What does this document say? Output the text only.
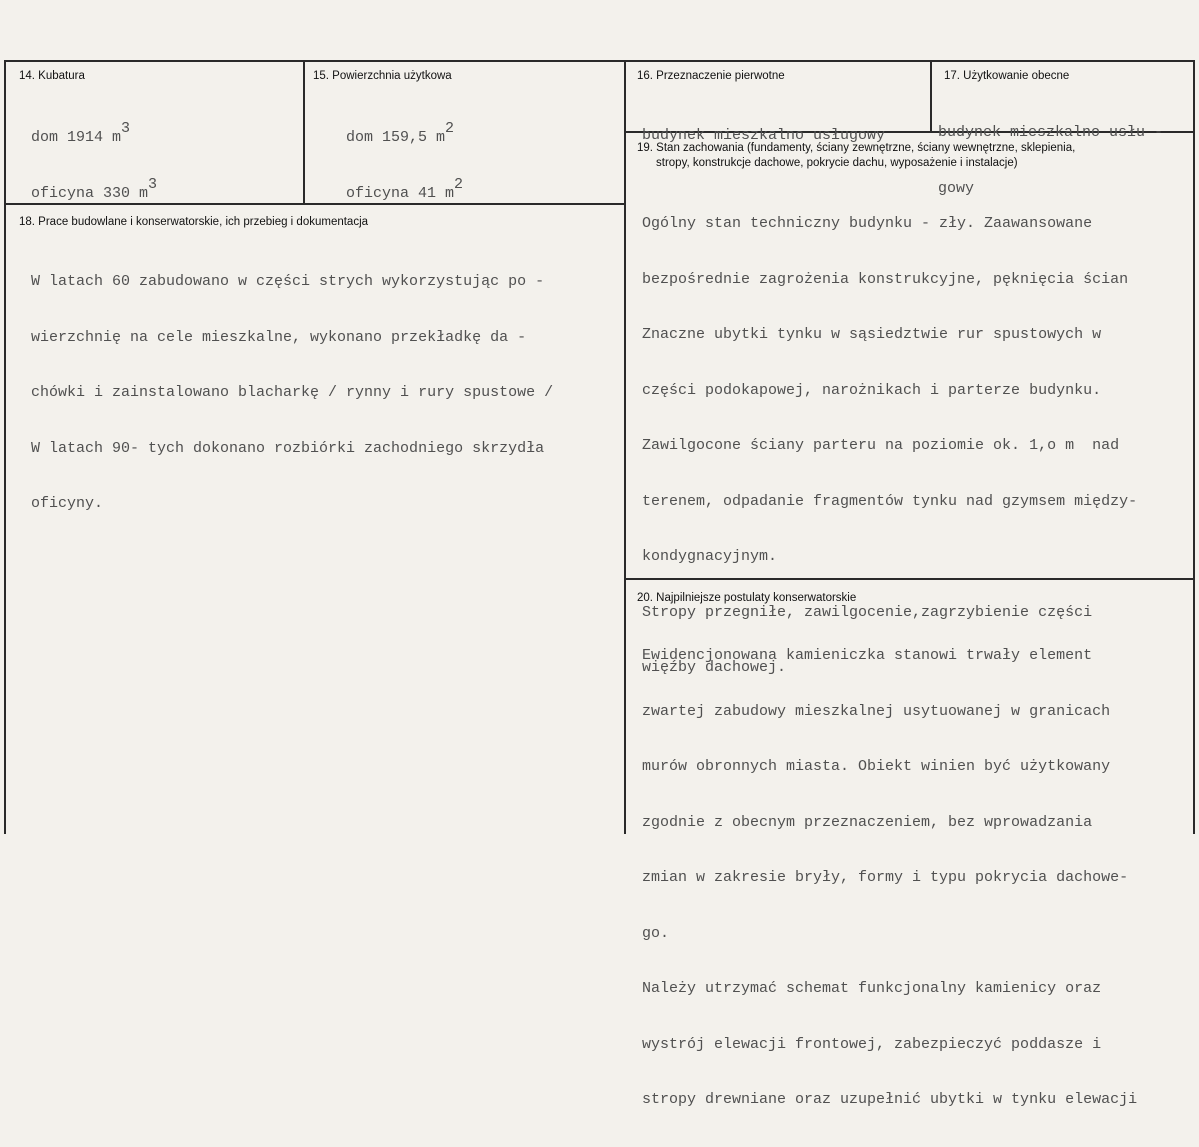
14. Kubatura

dom 1914 m3

oficyna 330 m3

15. Powierzchnia użytkowa

dom 159,5 m2

oficyna 41 m2

16. Przeznaczenie pierwotne

budynek mieszkalno usługowy

17. Użytkowanie obecne

budynek mieszkalno usłu -

gowy

19. Stan zachowania (fundamenty, ściany zewnętrzne, ściany wewnętrzne, sklepienia,
stropy, konstrukcje dachowe, pokrycie dachu, wyposażenie i instalacje)

Ogólny stan techniczny budynku - zły. Zaawansowane

bezpośrednie zagrożenia konstrukcyjne, pęknięcia ścian

Znaczne ubytki tynku w sąsiedztwie rur spustowych w

części podokapowej, narożnikach i parterze budynku.

Zawilgocone ściany parteru na poziomie ok. 1,o m  nad

terenem, odpadanie fragmentów tynku nad gzymsem między-

kondygnacyjnym.

Stropy przegniłe, zawilgocenie,zagrzybienie części

więźby dachowej.

18. Prace budowlane i konserwatorskie, ich przebieg i dokumentacja

W latach 60 zabudowano w części strych wykorzystując po -

wierzchnię na cele mieszkalne, wykonano przekładkę da -

chówki i zainstalowano blacharkę / rynny i rury spustowe /

W latach 90- tych dokonano rozbiórki zachodniego skrzydła

oficyny.

20. Najpilniejsze postulaty konserwatorskie

Ewidencjonowana kamieniczka stanowi trwały element

zwartej zabudowy mieszkalnej usytuowanej w granicach

murów obronnych miasta. Obiekt winien być użytkowany

zgodnie z obecnym przeznaczeniem, bez wprowadzania

zmian w zakresie bryły, formy i typu pokrycia dachowe-

go.

Należy utrzymać schemat funkcjonalny kamienicy oraz

wystrój elewacji frontowej, zabezpieczyć poddasze i

stropy drewniane oraz uzupełnić ubytki w tynku elewacji
